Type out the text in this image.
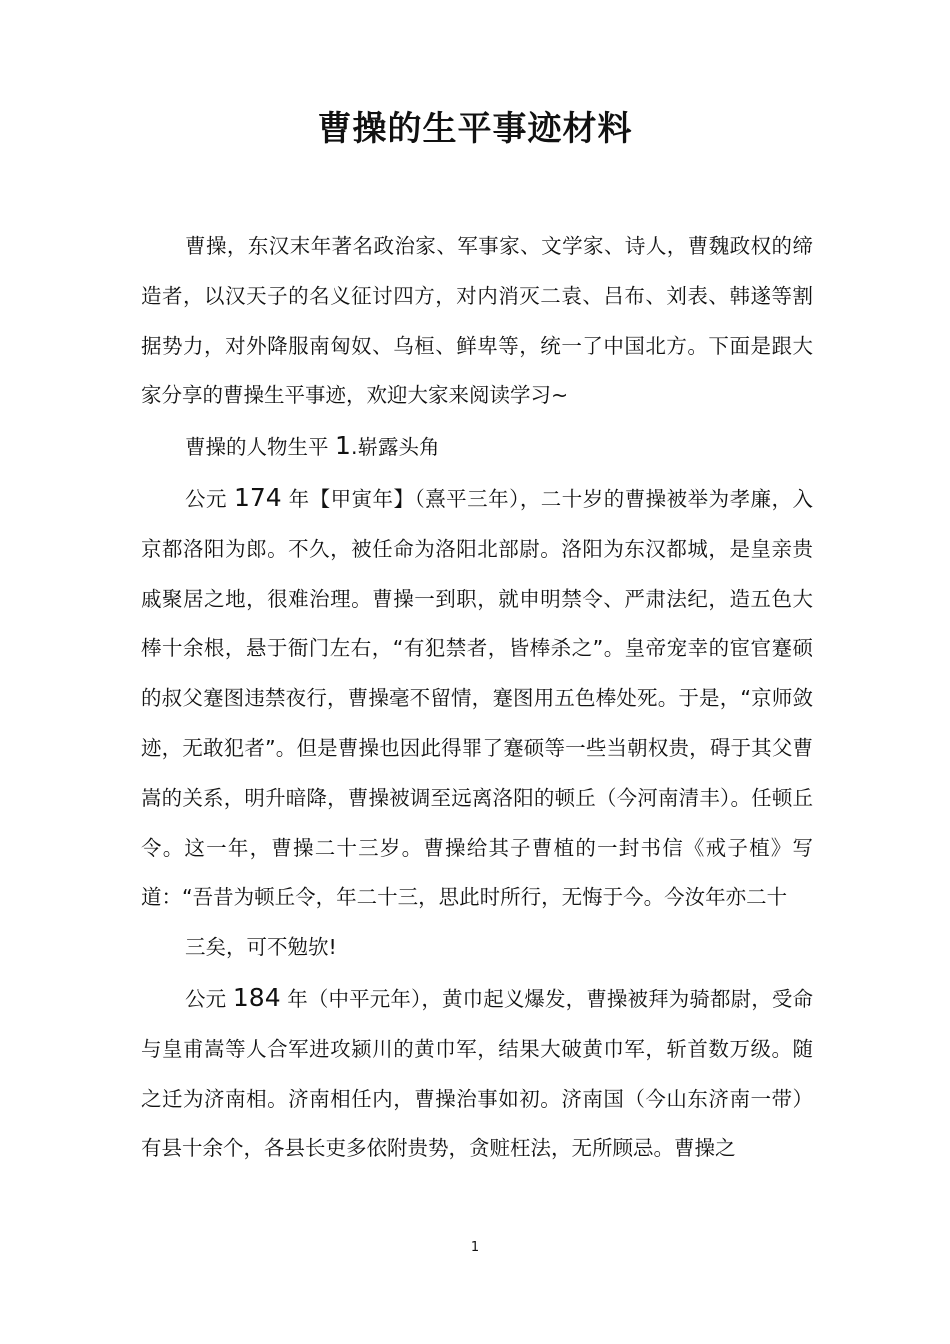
曹操的生平事迹材料

曹操，东汉末年著名政治家、军事家、文学家、诗人，曹魏政权的缔造者，以汉天子的名义征讨四方，对内消灭二袁、吕布、刘表、韩遂等割据势力，对外降服南匈奴、乌桓、鲜卑等，统一了中国北方。下面是跟大家分享的曹操生平事迹，欢迎大家来阅读学习~

曹操的人物生平 1.崭露头角

公元 174 年【甲寅年】（熹平三年），二十岁的曹操被举为孝廉，入京都洛阳为郎。不久，被任命为洛阳北部尉。洛阳为东汉都城，是皇亲贵戚聚居之地，很难治理。曹操一到职，就申明禁令、严肃法纪，造五色大棒十余根，悬于衙门左右，“有犯禁者，皆棒杀之”。皇帝宠幸的宦官蹇硕的叔父蹇图违禁夜行，曹操毫不留情，蹇图用五色棒处死。于是，“京师敛迹，无敢犯者”。但是曹操也因此得罪了蹇硕等一些当朝权贵，碍于其父曹嵩的关系，明升暗降，曹操被调至远离洛阳的顿丘（今河南清丰）。任顿丘令。这一年，曹操二十三岁。曹操给其子曹植的一封书信《戒子植》写道：“吾昔为顿丘令，年二十三，思此时所行，无悔于今。今汝年亦二十

三矣，可不勉欤!

公元 184 年（中平元年），黄巾起义爆发，曹操被拜为骑都尉，受命与皇甫嵩等人合军进攻颍川的黄巾军，结果大破黄巾军，斩首数万级。随之迁为济南相。济南相任内，曹操治事如初。济南国（今山东济南一带）有县十余个，各县长吏多依附贵势，贪赃枉法，无所顾忌。曹操之

1
